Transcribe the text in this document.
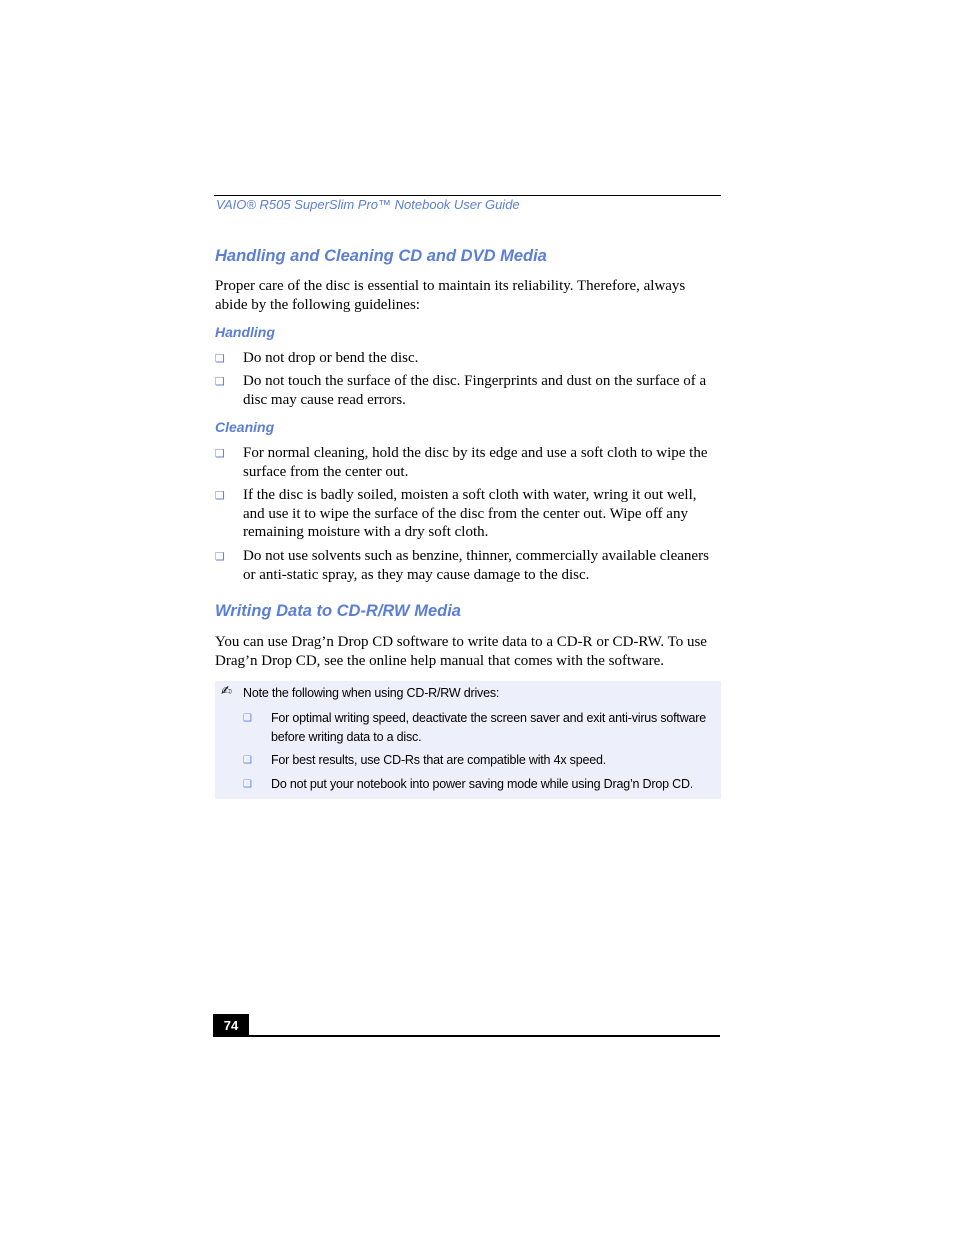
VAIO® R505 SuperSlim Pro™ Notebook User Guide
Handling and Cleaning CD and DVD Media
Proper care of the disc is essential to maintain its reliability. Therefore, always abide by the following guidelines:
Handling
❑ Do not drop or bend the disc.
❑ Do not touch the surface of the disc. Fingerprints and dust on the surface of a disc may cause read errors.
Cleaning
❑ For normal cleaning, hold the disc by its edge and use a soft cloth to wipe the surface from the center out.
❑ If the disc is badly soiled, moisten a soft cloth with water, wring it out well, and use it to wipe the surface of the disc from the center out. Wipe off any remaining moisture with a dry soft cloth.
❑ Do not use solvents such as benzine, thinner, commercially available cleaners or anti-static spray, as they may cause damage to the disc.
Writing Data to CD-R/RW Media
You can use Drag’n Drop CD software to write data to a CD-R or CD-RW. To use Drag’n Drop CD, see the online help manual that comes with the software.
✍ Note the following when using CD-R/RW drives:
❑ For optimal writing speed, deactivate the screen saver and exit anti-virus software before writing data to a disc.
❑ For best results, use CD-Rs that are compatible with 4x speed.
❑ Do not put your notebook into power saving mode while using Drag’n Drop CD.
74
